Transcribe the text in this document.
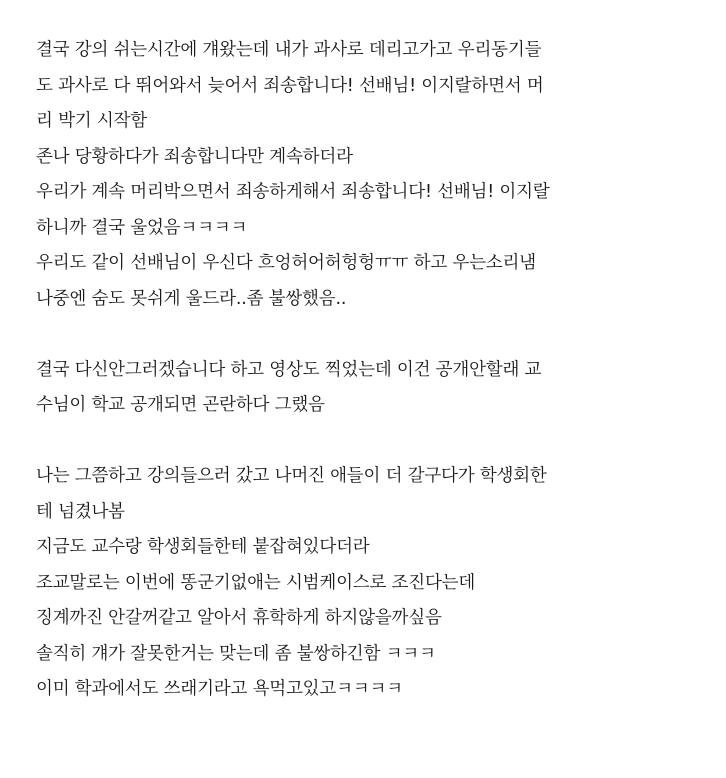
결국 강의 쉬는시간에 걔왔는데 내가 과사로 데리고가고 우리동기들
도 과사로 다 뛰어와서 늦어서 죄송합니다! 선배님! 이지랄하면서 머
리 박기 시작함
존나 당황하다가 죄송합니다만 계속하더라
우리가 계속 머리박으면서 죄송하게해서 죄송합니다! 선배님! 이지랄
하니까 결국 울었음ㅋㅋㅋㅋ
우리도 같이 선배님이 우신다 흐엉허어허헝헝ㅠㅠ 하고 우는소리냄
나중엔 숨도 못쉬게 울드라..좀 불쌍했음..
결국 다신안그러겠습니다 하고 영상도 찍었는데 이건 공개안할래 교
수님이 학교 공개되면 곤란하다 그랬음
나는 그쯤하고 강의들으러 갔고 나머진 애들이 더 갈구다가 학생회한
테 넘겼나봄
지금도 교수랑 학생회들한테 붙잡혀있다더라
조교말로는 이번에 똥군기없애는 시범케이스로 조진다는데
징계까진 안갈꺼같고 알아서 휴학하게 하지않을까싶음
솔직히 걔가 잘못한거는 맞는데 좀 불쌍하긴함 ㅋㅋㅋ
이미 학과에서도 쓰래기라고 욕먹고있고ㅋㅋㅋㅋ
